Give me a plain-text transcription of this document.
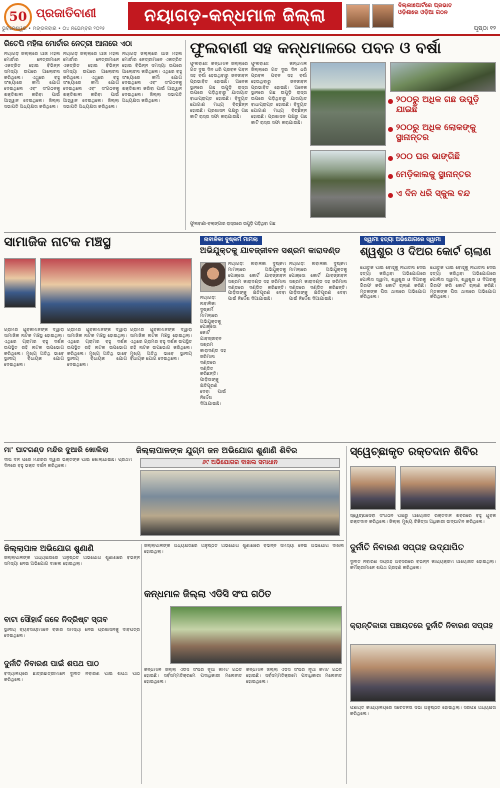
50 ପ୍ରଜାତିବାଣୀ
ଭୁବନେଶ୍ୱର • ମଙ୍ଗଳବାର • ୦୪ ନଭେମ୍ବର ୨୦୨୫
ନୟାଗଡ଼-କନ୍ଧମାଳ ଜିଲ୍ଲା	ଦିଲ୍ଲୀପୋର୍ଟରେ ପ୍ରଭାତ
ଓଡ଼ିଶାରେ ଓଡ଼ିଆ ଗଠନ
ପୃଷ୍ଠା ୧୨
ରିତେପି ମହିଳା ମୋର୍ଚାର ନେତ୍ରୀ ଆନାରେ ଏଠା
ନୟାଗଡ଼ ଜିଲ୍ଲାରେ ଆଜି ମହିଳା ମୋର୍ଚାର ନେତ୍ରୀମାନେ ଏକତ୍ରିତ ହୋଇ ବିଭିନ୍ନ ସମସ୍ୟା ଉପରେ ଆଲୋଚନା କରିଥିଲେ। ଏଥିରେ ବହୁ ସଂଖ୍ୟାରେ କର୍ମୀ ଯୋଗ ଦେଇଥିଲେ ଏବଂ ସଂଗଠନକୁ ଶକ୍ତିଶାଳୀ କରିବା ପାଇଁ ଆହ୍ୱାନ ଦେଇଥିଲେ। ଜିଲ୍ଲା ସଭାପତି ଅଧ୍ୟକ୍ଷତା କରିଥିଲେ।
ନୟାଗଡ଼ ଜିଲ୍ଲାରେ ଆଜି ମହିଳା ମୋର୍ଚାର ନେତ୍ରୀମାନେ ଏକତ୍ରିତ ହୋଇ ବିଭିନ୍ନ ସମସ୍ୟା ଉପରେ ଆଲୋଚନା କରିଥିଲେ। ଏଥିରେ ବହୁ ସଂଖ୍ୟାରେ କର୍ମୀ ଯୋଗ ଦେଇଥିଲେ ଏବଂ ସଂଗଠନକୁ ଶକ୍ତିଶାଳୀ କରିବା ପାଇଁ ଆହ୍ୱାନ ଦେଇଥିଲେ। ଜିଲ୍ଲା ସଭାପତି ଅଧ୍ୟକ୍ଷତା କରିଥିଲେ।
ନୟାଗଡ଼ ଜିଲ୍ଲାରେ ଆଜି ମହିଳା ମୋର୍ଚାର ନେତ୍ରୀମାନେ ଏକତ୍ରିତ ହୋଇ ବିଭିନ୍ନ ସମସ୍ୟା ଉପରେ ଆଲୋଚନା କରିଥିଲେ। ଏଥିରେ ବହୁ ସଂଖ୍ୟାରେ କର୍ମୀ ଯୋଗ ଦେଇଥିଲେ ଏବଂ ସଂଗଠନକୁ ଶକ୍ତିଶାଳୀ କରିବା ପାଇଁ ଆହ୍ୱାନ ଦେଇଥିଲେ। ଜିଲ୍ଲା ସଭାପତି ଅଧ୍ୟକ୍ଷତା କରିଥିଲେ।
ଫୁଲବାଣୀ ସହ କନ୍ଧମାଳରେ ପବନ ଓ ବର୍ଷା
ଫୁଲବାଣୀ: କନ୍ଧମାଳ ଜିଲ୍ଲାରେ ଗତ ଦୁଇ ଦିନ ଧରି ପ୍ରବଳ ପବନ ସହ ବର୍ଷା ହେଉଥିବାରୁ ଜନଜୀବନ ପ୍ରଭାବିତ ହୋଇଛି। ଅନେକ ସ୍ଥାନରେ ଗଛ ଉପୁଡ଼ି ରାସ୍ତା ଉପରେ ପଡ଼ିଥିବାରୁ ଯାତାୟାତ ବାଧାପ୍ରାପ୍ତ ହୋଇଛି। ବିଦ୍ୟୁତ ଯୋଗାଣ ମଧ୍ୟ ବିଚ୍ଛିନ୍ନ ହୋଇଛି। ପ୍ରଶାସନ ପକ୍ଷରୁ ଗଛ କାଟି ରାସ୍ତା ସଫା କରାଯାଉଛି।
ଫୁଲବାଣୀ: କନ୍ଧମାଳ ଜିଲ୍ଲାରେ ଗତ ଦୁଇ ଦିନ ଧରି ପ୍ରବଳ ପବନ ସହ ବର୍ଷା ହେଉଥିବାରୁ ଜନଜୀବନ ପ୍ରଭାବିତ ହୋଇଛି। ଅନେକ ସ୍ଥାନରେ ଗଛ ଉପୁଡ଼ି ରାସ୍ତା ଉପରେ ପଡ଼ିଥିବାରୁ ଯାତାୟାତ ବାଧାପ୍ରାପ୍ତ ହୋଇଛି। ବିଦ୍ୟୁତ ଯୋଗାଣ ମଧ୍ୟ ବିଚ୍ଛିନ୍ନ ହୋଇଛି। ପ୍ରଶାସନ ପକ୍ଷରୁ ଗଛ କାଟି ରାସ୍ତା ସଫା କରାଯାଉଛି।
୨୦୦ରୁ ଅଧିକ ଗଛ ଉପୁଡ଼ି ଯାଇଛି
୨୦୦ରୁ ଅଧିକ ଲୋକଙ୍କୁ ସ୍ଥାନାନ୍ତର
୨୦୦ ଘର ଭାଙ୍ଗିଛି
ମେଡ଼ିକାଲକୁ ସ୍ଥାନାନ୍ତର
ଏ ଦିନ ଧରି ସ୍କୁଲ ବନ୍ଦ
ଫୁଲବାଣୀ-ବଲାଙ୍ଗୀର ରାସ୍ତାରେ ଉପୁଡ଼ି ପଡ଼ିଥିବା ଗଛ
ସାମାଜିକ ନାଟକ ମଞ୍ଚସ୍ଥ
ଗ୍ରାମର ଯୁବକମାନଙ୍କ ଦ୍ୱାରା ସାମାଜିକ ନାଟକ ମଞ୍ଚସ୍ଥ ହୋଇଥିଲା। ଏଥିରେ ଗ୍ରାମର ବହୁ ଦର୍ଶକ ଉପସ୍ଥିତ ରହି ନାଟକ ଉପଭୋଗ କରିଥିଲେ। ମୁଖ୍ୟ ଅତିଥି ଭାବେ ସ୍ଥାନୀୟ ବିଧାୟକ ଯୋଗ ଦେଇଥିଲେ।
ଗ୍ରାମର ଯୁବକମାନଙ୍କ ଦ୍ୱାରା ସାମାଜିକ ନାଟକ ମଞ୍ଚସ୍ଥ ହୋଇଥିଲା। ଏଥିରେ ଗ୍ରାମର ବହୁ ଦର୍ଶକ ଉପସ୍ଥିତ ରହି ନାଟକ ଉପଭୋଗ କରିଥିଲେ। ମୁଖ୍ୟ ଅତିଥି ଭାବେ ସ୍ଥାନୀୟ ବିଧାୟକ ଯୋଗ ଦେଇଥିଲେ।
ଗ୍ରାମର ଯୁବକମାନଙ୍କ ଦ୍ୱାରା ସାମାଜିକ ନାଟକ ମଞ୍ଚସ୍ଥ ହୋଇଥିଲା। ଏଥିରେ ଗ୍ରାମର ବହୁ ଦର୍ଶକ ଉପସ୍ଥିତ ରହି ନାଟକ ଉପଭୋଗ କରିଥିଲେ। ମୁଖ୍ୟ ଅତିଥି ଭାବେ ସ୍ଥାନୀୟ ବିଧାୟକ ଯୋଗ ଦେଇଥିଲେ।
ନାବାଳିକା ଦୁଷ୍କର୍ମ ମାମଲା
ଅଭିଯୁକ୍ତକୁ ଯାବଜ୍ଜୀବନ ସଶ୍ରମ କାରାଦଣ୍ଡ
ନୟାଗଡ଼: ନାବାଳିକା ଦୁଷ୍କର୍ମ ମାମଲାରେ ଅଭିଯୁକ୍ତକୁ ପୋକ୍ସୋ କୋର୍ଟ ଯାବଜ୍ଜୀବନ ସଶ୍ରମ କାରାଦଣ୍ଡ ସହ ଜରିମାନା ଦଣ୍ଡରେ ଦଣ୍ଡିତ କରିଛନ୍ତି। ପୀଡ଼ିତାଙ୍କୁ କ୍ଷତିପୂରଣ ଦେବା ପାଇଁ ନିର୍ଦ୍ଦେଶ ଦିଆଯାଇଛି।
ନୟାଗଡ଼: ନାବାଳିକା ଦୁଷ୍କର୍ମ ମାମଲାରେ ଅଭିଯୁକ୍ତକୁ ପୋକ୍ସୋ କୋର୍ଟ ଯାବଜ୍ଜୀବନ ସଶ୍ରମ କାରାଦଣ୍ଡ ସହ ଜରିମାନା ଦଣ୍ଡରେ ଦଣ୍ଡିତ କରିଛନ୍ତି। ପୀଡ଼ିତାଙ୍କୁ କ୍ଷତିପୂରଣ ଦେବା ପାଇଁ ନିର୍ଦ୍ଦେଶ ଦିଆଯାଇଛି।
ନୟାଗଡ଼: ନାବାଳିକା ଦୁଷ୍କର୍ମ ମାମଲାରେ ଅଭିଯୁକ୍ତକୁ ପୋକ୍ସୋ କୋର୍ଟ ଯାବଜ୍ଜୀବନ ସଶ୍ରମ କାରାଦଣ୍ଡ ସହ ଜରିମାନା ଦଣ୍ଡରେ ଦଣ୍ଡିତ କରିଛନ୍ତି। ପୀଡ଼ିତାଙ୍କୁ କ୍ଷତିପୂରଣ ଦେବା ପାଇଁ ନିର୍ଦ୍ଦେଶ ଦିଆଯାଇଛି।
ସ୍ୱାମୀ ହତ୍ୟା ଅଭିଯୋଗରେ ସ୍ୱାମୀ
ଶ୍ୱଶୁର ଓ ଦିଅର କୋର୍ଟ ଚାଲାଣ
ଯୌତୁକ ପାଇଁ ବୋହୂକୁ ନିର୍ଯାତନା ଦେଇ ହତ୍ୟା କରିଥିବା ଅଭିଯୋଗରେ ପୋଲିସ ସ୍ୱାମୀ, ଶ୍ୱଶୁର ଓ ଦିଅରକୁ ଗିରଫ କରି କୋର୍ଟ ଚାଲାଣ କରିଛି। ମୃତକଙ୍କ ପିତା ଥାନାରେ ଅଭିଯୋଗ କରିଥିଲେ।
ଯୌତୁକ ପାଇଁ ବୋହୂକୁ ନିର୍ଯାତନା ଦେଇ ହତ୍ୟା କରିଥିବା ଅଭିଯୋଗରେ ପୋଲିସ ସ୍ୱାମୀ, ଶ୍ୱଶୁର ଓ ଦିଅରକୁ ଗିରଫ କରି କୋର୍ଟ ଚାଲାଣ କରିଛି। ମୃତକଙ୍କ ପିତା ଥାନାରେ ଅଭିଯୋଗ କରିଥିଲେ।
ମା' ଘାଟଗଣ୍ଡ ମନ୍ଦିର ଦୁଆରି ଖୋଲିଲା
ଦୀର୍ଘ ଦିନ ପରେ ମନ୍ଦିରର ଦ୍ୱାର ଭକ୍ତଙ୍କ ପାଇଁ ଖୋଲାଯାଇଛି। ପ୍ରଥମ ଦିନରେ ବହୁ ଭକ୍ତ ଦର୍ଶନ କରିଥିଲେ।
ଜିଲ୍ଲାପାଳଙ୍କ ଯୁଗ୍ମ ଜନ ଅଭିଯୋଗ ଶୁଣାଣି ଶିବିର
୬୯ ଅଭିଯୋଗର ଦାଖଲ ସମାଧାନ
ସ୍ୱେଚ୍ଛାକୃତ ରକ୍ତଦାନ ଶିବିର
ସ୍ୱେଚ୍ଛାସେବୀ ସଂଗଠନ ପକ୍ଷରୁ ଆୟୋଜିତ ରକ୍ତଦାନ ଶିବିରରେ ବହୁ ଯୁବକ ରକ୍ତଦାନ କରିଥିଲେ। ଜିଲ୍ଲା ମୁଖ୍ୟ ଚିକିତ୍ସା ଅଧିକାରୀ ଉଦ୍‌ଘାଟନ କରିଥିଲେ।
ଜିଲ୍ଲାପାଳ ଅଭିଯୋଗ ଶୁଣାଣି
ଜିଲ୍ଲାପାଳଙ୍କ ଅଧ୍ୟକ୍ଷତାରେ ଅନୁଷ୍ଠିତ ଅଭିଯୋଗ ଶୁଣାଣିରେ ବିଭିନ୍ନ ସମସ୍ୟା ନେଇ ଅଭିଯୋଗ ଦାଖଲ ହୋଇଥିଲା।
ଜିଲ୍ଲାପାଳଙ୍କ ଅଧ୍ୟକ୍ଷତାରେ ଅନୁଷ୍ଠିତ ଅଭିଯୋଗ ଶୁଣାଣିରେ ବିଭିନ୍ନ ସମସ୍ୟା ନେଇ ଅଭିଯୋଗ ଦାଖଲ ହୋଇଥିଲା।	ଦୁର୍ନୀତି ନିବାରଣ ସପ୍ତାହ ଉଦ୍‌ଯାପିତ
ଦୁର୍ନୀତି ନିବାରଣ ସପ୍ତାହ ଅବସରରେ ବିଭିନ୍ନ କାର୍ଯ୍ୟକ୍ରମ ଆୟୋଜିତ ହୋଇଥିଲା। କର୍ମଚାରୀମାନେ ଶପଥ ଗ୍ରହଣ କରିଥିଲେ।
କନ୍ଧମାଳ ଜିଲ୍ଲା ଏଡିସି ସଂଘ ଗଠିତ
କନ୍ଧମାଳ ଜିଲ୍ଲା ଏଡିସି ସଂଘର ନୂଆ କମିଟି ଗଠିତ ହୋଇଛି। ସର୍ବସମ୍ମତିକ୍ରମେ ପଦାଧିକାରୀ ମନୋନୀତ ହୋଇଥିଲେ।
କନ୍ଧମାଳ ଜିଲ୍ଲା ଏଡିସି ସଂଘର ନୂଆ କମିଟି ଗଠିତ ହୋଇଛି। ସର୍ବସମ୍ମତିକ୍ରମେ ପଦାଧିକାରୀ ମନୋନୀତ ହୋଇଥିଲେ।
ବାଟା ସୌହାର୍ଦ୍ଦ ଜଳେ ନିଦ୍ରିଷ୍ଟ ସ୍ତାବ
ସ୍ଥାନୀୟ ବ୍ୟବସାୟୀମାନେ ବଜାର ସମସ୍ୟା ନେଇ ପ୍ରଶାସନକୁ ଦାବିପତ୍ର ଦେଇଥିଲେ।
ଦୁର୍ନୀତି ନିବାରଣ ପାଇଁ ଶପଥ ପାଠ
ବିଦ୍ୟାଳୟରେ ଛାତ୍ରଛାତ୍ରୀମାନେ ଦୁର୍ନୀତି ନିବାରଣ ପାଇଁ ଶପଥ ପାଠ କରିଥିଲେ।
କ୍ରାନ୍ତିକାରୀ ପଞ୍ଚାୟତରେ ଦୁର୍ନୀତି ନିବାରଣ ସପ୍ତାହ
ପଞ୍ଚାୟତ କାର୍ଯ୍ୟାଳୟରେ ସଚେତନତା ସଭା ଅନୁଷ୍ଠିତ ହୋଇଥିଲା। ସରପଞ୍ଚ ଅଧ୍ୟକ୍ଷତା କରିଥିଲେ।
